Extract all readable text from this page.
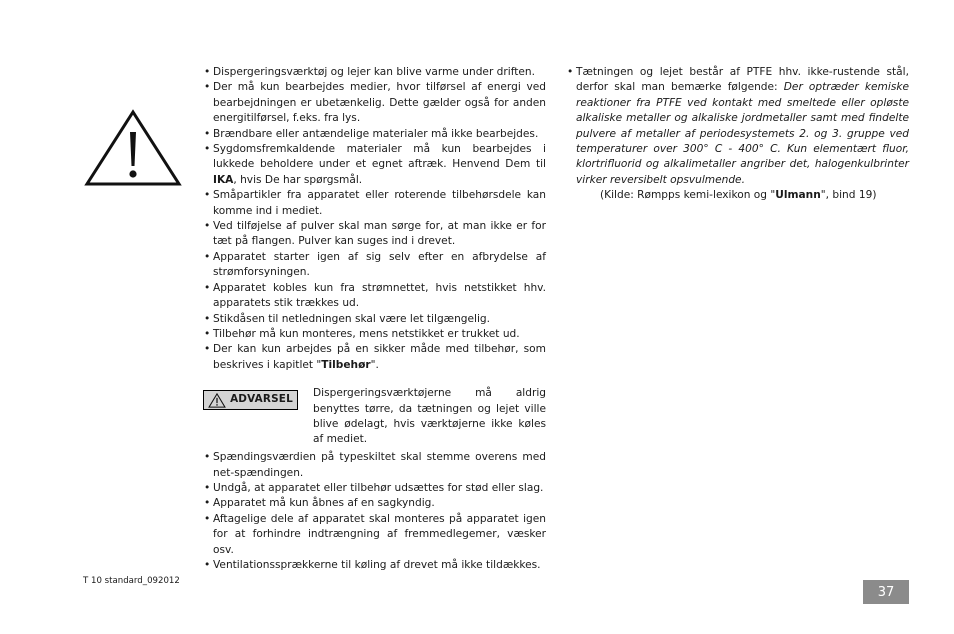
• Dispergeringsværktøj og lejer kan blive varme under driften.
• Der må kun bearbejdes medier, hvor tilførsel af energi ved bearbejdningen er ubetænkelig. Dette gælder også for anden energitilførsel, f.eks. fra lys.
• Brændbare eller antændelige materialer må ikke bearbejdes.
• Sygdomsfremkaldende materialer må kun bearbejdes i lukkede beholdere under et egnet aftræk. Henvend Dem til IKA, hvis De har spørgsmål.
• Småpartikler fra apparatet eller roterende tilbehørsdele kan komme ind i mediet.
• Ved tilføjelse af pulver skal man sørge for, at man ikke er for tæt på flangen. Pulver kan suges ind i drevet.
• Apparatet starter igen af sig selv efter en afbrydelse af strømforsyningen.
• Apparatet kobles kun fra strømnettet, hvis netstikket hhv. apparatets stik trækkes ud.
• Stikdåsen til netledningen skal være let tilgængelig.
• Tilbehør må kun monteres, mens netstikket er trukket ud.
• Der kan kun arbejdes på en sikker måde med tilbehør, som beskrives i kapitlet "Tilbehør".
ADVARSEL
Dispergeringsværktøjerne må aldrig benyttes tørre, da tætningen og lejet ville blive ødelagt, hvis værktøjerne ikke køles af mediet.
• Spændingsværdien på typeskiltet skal stemme overens med net-spændingen.
• Undgå, at apparatet eller tilbehør udsættes for stød eller slag.
• Apparatet må kun åbnes af en sagkyndig.
• Aftagelige dele af apparatet skal monteres på apparatet igen for at forhindre indtrængning af fremmedlegemer, væsker osv.
• Ventilationssprækkerne til køling af drevet må ikke tildækkes.
• Tætningen og lejet består af PTFE hhv. ikke-rustende stål, derfor skal man bemærke følgende: Der optræder kemiske reaktioner fra PTFE ved kontakt med smeltede eller opløste alkaliske metaller og alkaliske jordmetaller samt med findelte pulvere af metaller af periodesystemets 2. og 3. gruppe ved temperaturer over 300° C - 400° C. Kun elementært fluor, klortrifluorid og alkalimetaller angriber det, halogenkulbrinter virker reversibelt opsvulmende.
(Kilde: Rømpps kemi-lexikon og "Ulmann", bind 19)
T 10 standard_092012
37
